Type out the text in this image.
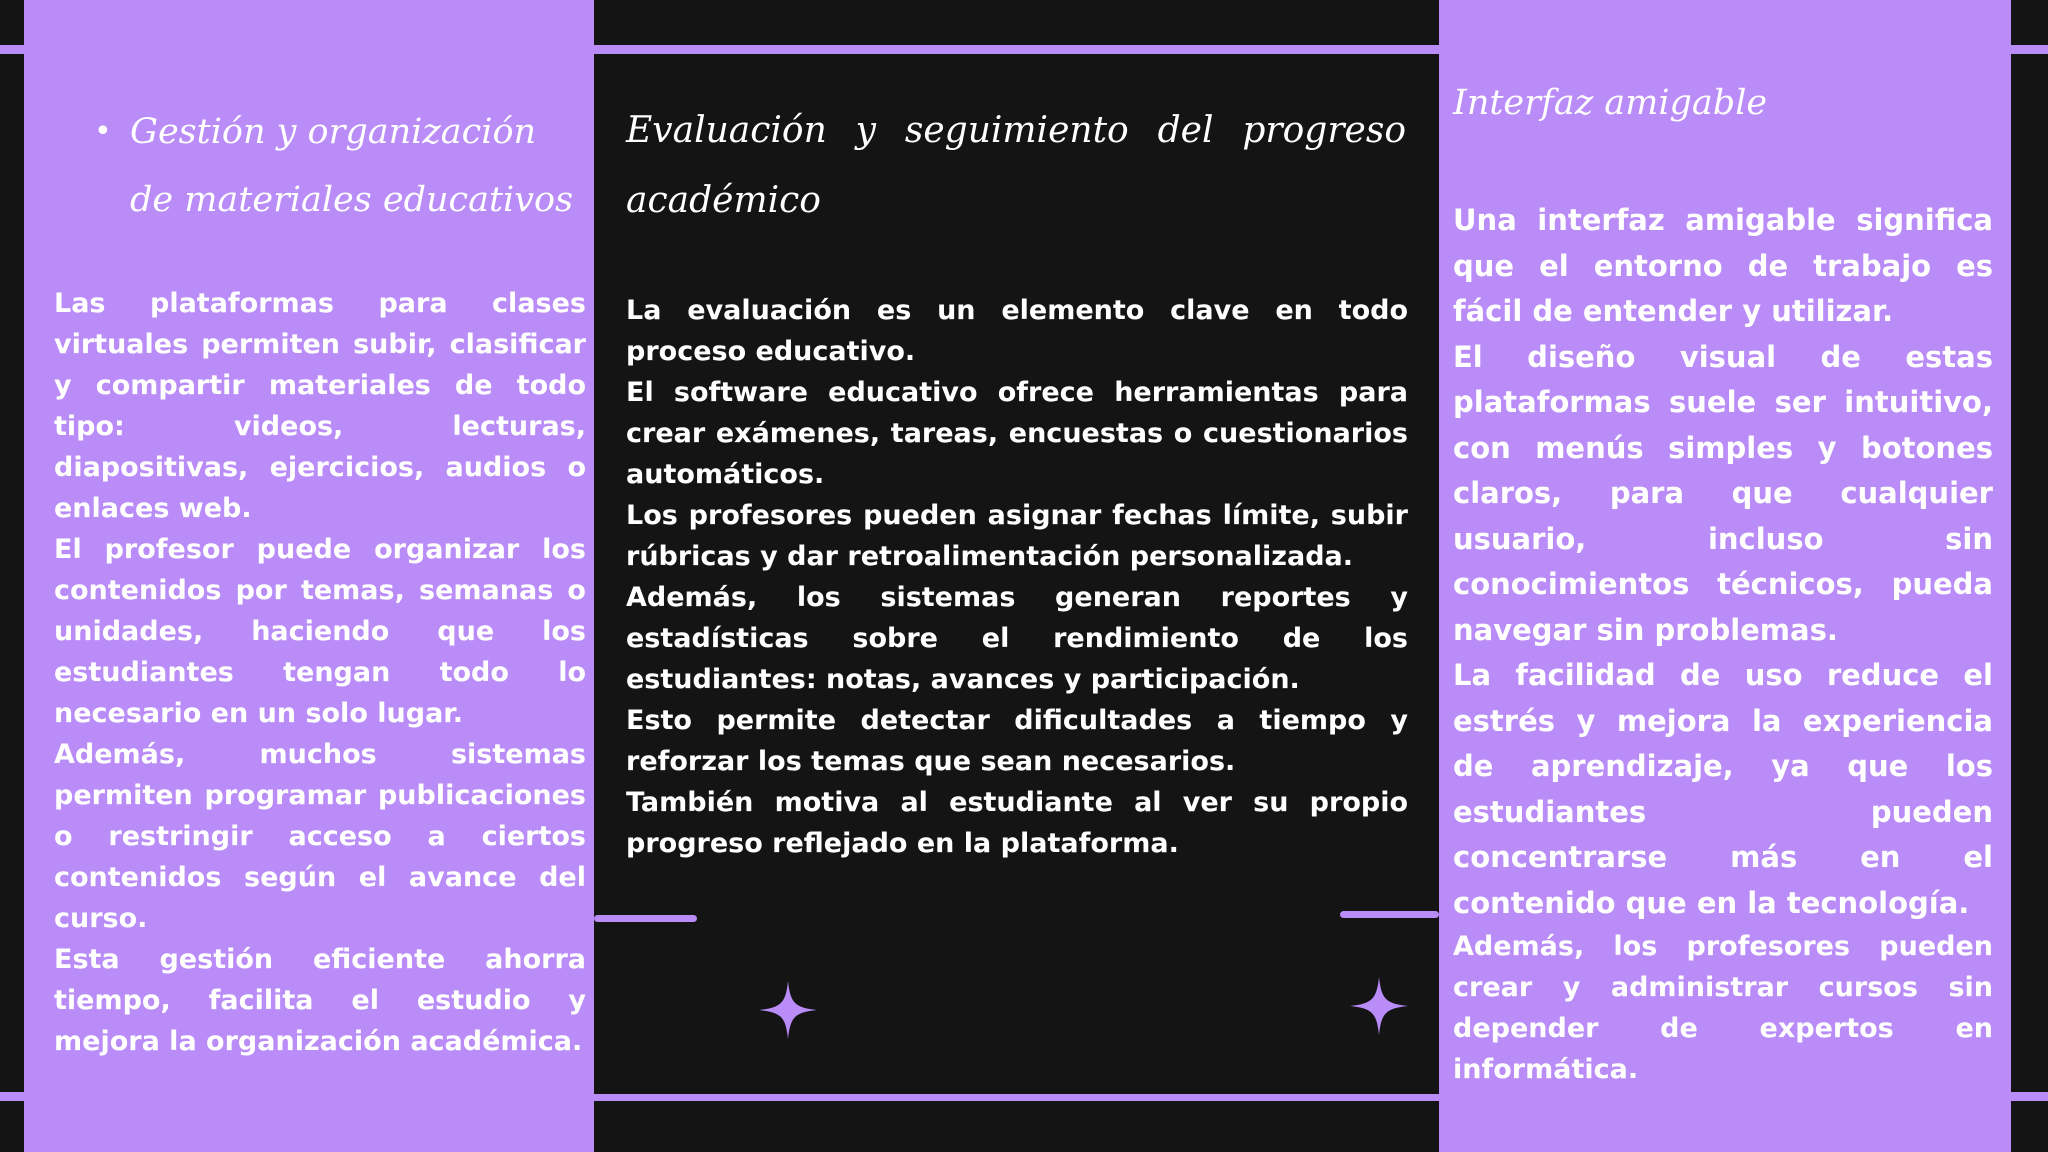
• Gestión y organización de materiales educativos

Las plataformas para clases virtuales permiten subir, clasificar y compartir materiales de todo tipo: videos, lecturas, diapositivas, ejercicios, audios o enlaces web.

El profesor puede organizar los contenidos por temas, semanas o unidades, haciendo que los estudiantes tengan todo lo necesario en un solo lugar.

Además, muchos sistemas permiten programar publicaciones o restringir acceso a ciertos contenidos según el avance del curso.

Esta gestión eficiente ahorra tiempo, facilita el estudio y mejora la organización académica.

Evaluación y seguimiento del progreso académico

La evaluación es un elemento clave en todo proceso educativo.

El software educativo ofrece herramientas para crear exámenes, tareas, encuestas o cuestionarios automáticos.

Los profesores pueden asignar fechas límite, subir rúbricas y dar retroalimentación personalizada.

Además, los sistemas generan reportes y estadísticas sobre el rendimiento de los estudiantes: notas, avances y participación.

Esto permite detectar dificultades a tiempo y reforzar los temas que sean necesarios.

También motiva al estudiante al ver su propio progreso reflejado en la plataforma.

Interfaz amigable

Una interfaz amigable significa que el entorno de trabajo es fácil de entender y utilizar.

El diseño visual de estas plataformas suele ser intuitivo, con menús simples y botones claros, para que cualquier usuario, incluso sin conocimientos técnicos, pueda navegar sin problemas.

La facilidad de uso reduce el estrés y mejora la experiencia de aprendizaje, ya que los estudiantes pueden concentrarse más en el contenido que en la tecnología.

Además, los profesores pueden crear y administrar cursos sin depender de expertos en informática.
